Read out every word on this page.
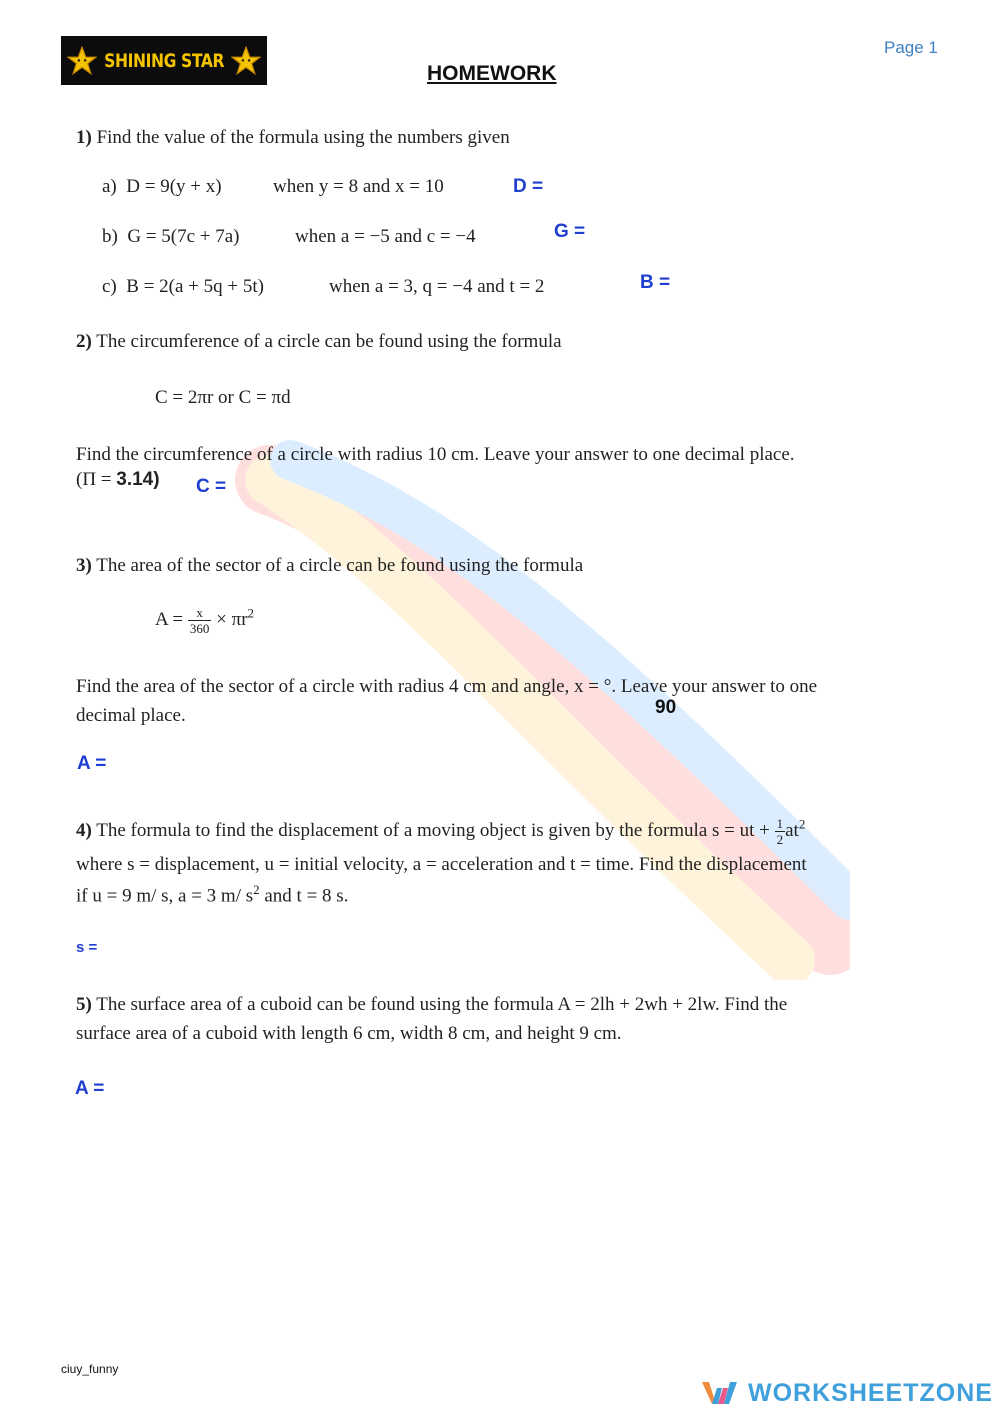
SHINING STAR
Page 1
HOMEWORK
1) Find the value of the formula using the numbers given
a) D = 9(y + x)	when y = 8 and x = 10	D =
b) G = 5(7c + 7a)	when a = −5 and c = −4	G =
c) B = 2(a + 5q + 5t)	when a = 3, q = −4 and t = 2	B =
2) The circumference of a circle can be found using the formula
C = 2πr or C = πd
Find the circumference of a circle with radius 10 cm. Leave your answer to one decimal place.
(Π = 3.14) C =
3) The area of the sector of a circle can be found using the formula
$A = \frac{x}{360} \times \pi r^2$
Find the area of the sector of a circle with radius 4 cm and angle, x = °. Leave your answer to one
decimal place.	90
A =
4) The formula to find the displacement of a moving object is given by the formula s = ut + $\frac{1}{2} at^2$
where s = displacement, u = initial velocity, a = acceleration and t = time. Find the displacement
if u = 9 m/ s, a = 3 m/ $s^2$ and t = 8 s.
s =
5) The surface area of a cuboid can be found using the formula A = 2lh + 2wh + 2lw. Find the
surface area of a cuboid with length 6 cm, width 8 cm, and height 9 cm.
A =
ciuy_funny
WORKSHEETZONE
